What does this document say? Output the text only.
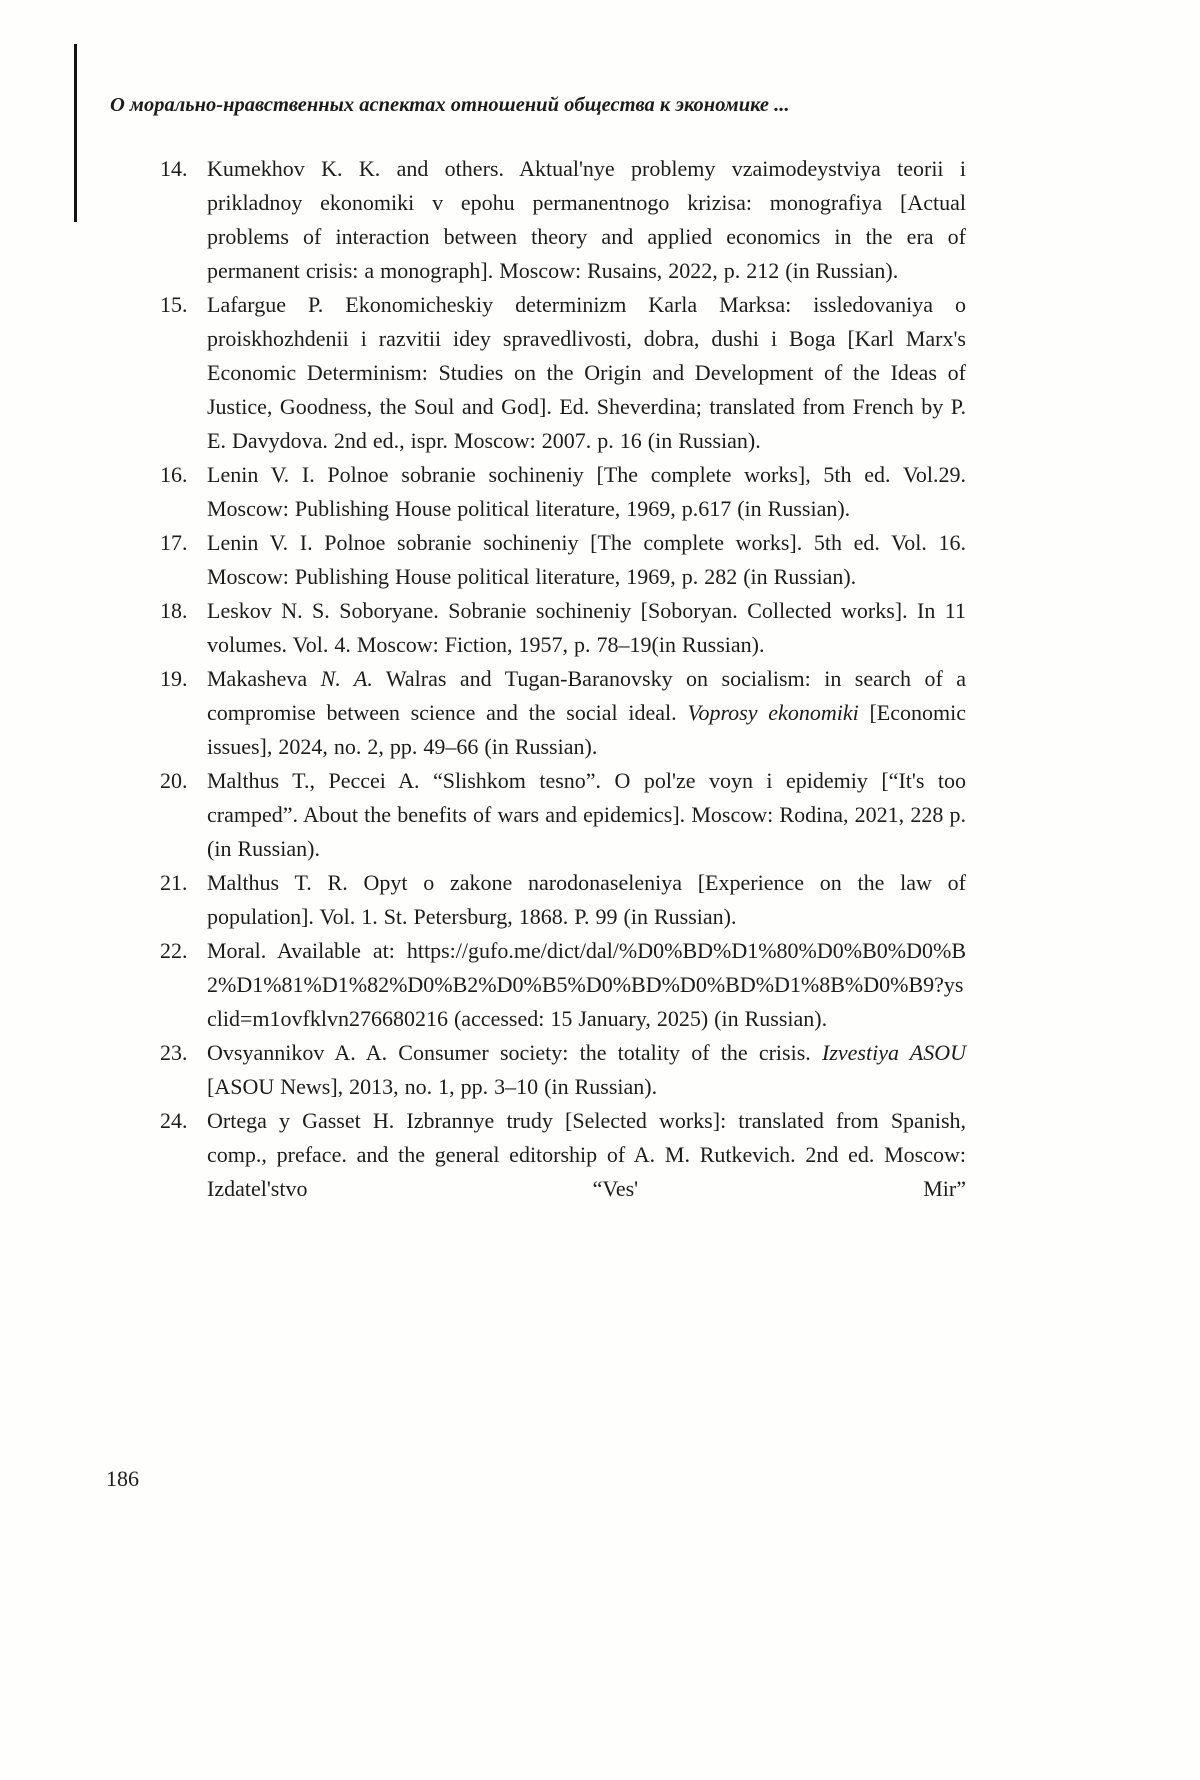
О морально-нравственных аспектах отношений общества к экономике ...
14. Kumekhov K. K. and others. Aktual'nye problemy vzaimodeystviya teorii i prikladnoy ekonomiki v epohu permanentnogo krizisa: monografiya [Actual problems of interaction between theory and applied economics in the era of permanent crisis: a monograph]. Moscow: Rusains, 2022, p. 212 (in Russian).
15. Lafargue P. Ekonomicheskiy determinizm Karla Marksa: issledovaniya o proiskhozhdenii i razvitii idey spravedlivosti, dobra, dushi i Boga [Karl Marx's Economic Determinism: Studies on the Origin and Development of the Ideas of Justice, Goodness, the Soul and God]. Ed. Sheverdina; translated from French by P. E. Davydova. 2nd ed., ispr. Moscow: 2007. p. 16 (in Russian).
16. Lenin V. I. Polnoe sobranie sochineniy [The complete works], 5th ed. Vol.29. Moscow: Publishing House political literature, 1969, p.617 (in Russian).
17. Lenin V. I. Polnoe sobranie sochineniy [The complete works]. 5th ed. Vol. 16. Moscow: Publishing House political literature, 1969, p. 282 (in Russian).
18. Leskov N. S. Soboryane. Sobranie sochineniy [Soboryan. Collected works]. In 11 volumes. Vol. 4. Moscow: Fiction, 1957, p. 78–19(in Russian).
19. Makasheva N. A. Walras and Tugan-Baranovsky on socialism: in search of a compromise between science and the social ideal. Voprosy ekonomiki [Economic issues], 2024, no. 2, pp. 49–66 (in Russian).
20. Malthus T., Peccei A. “Slishkom tesno”. O pol'ze voyn i epidemiy [“It's too cramped”. About the benefits of wars and epidemics]. Moscow: Rodina, 2021, 228 p. (in Russian).
21. Malthus T. R. Opyt o zakone narodonaseleniya [Experience on the law of population]. Vol. 1. St. Petersburg, 1868. P. 99 (in Russian).
22. Moral. Available at: https://gufo.me/dict/dal/%D0%BD%D1%80%D0%B0%D0%B2%D1%81%D1%82%D0%B2%D0%B5%D0%BD%D0%BD%D1%8B%D0%B9?ysclid=m1ovfklvn276680216 (accessed: 15 January, 2025) (in Russian).
23. Ovsyannikov A. A. Consumer society: the totality of the crisis. Izvestiya ASOU [ASOU News], 2013, no. 1, pp. 3–10 (in Russian).
24. Ortega y Gasset H. Izbrannye trudy [Selected works]: translated from Spanish, comp., preface. and the general editorship of A. M. Rutkevich. 2nd ed. Moscow: Izdatel'stvo “Ves' Mir”
186
